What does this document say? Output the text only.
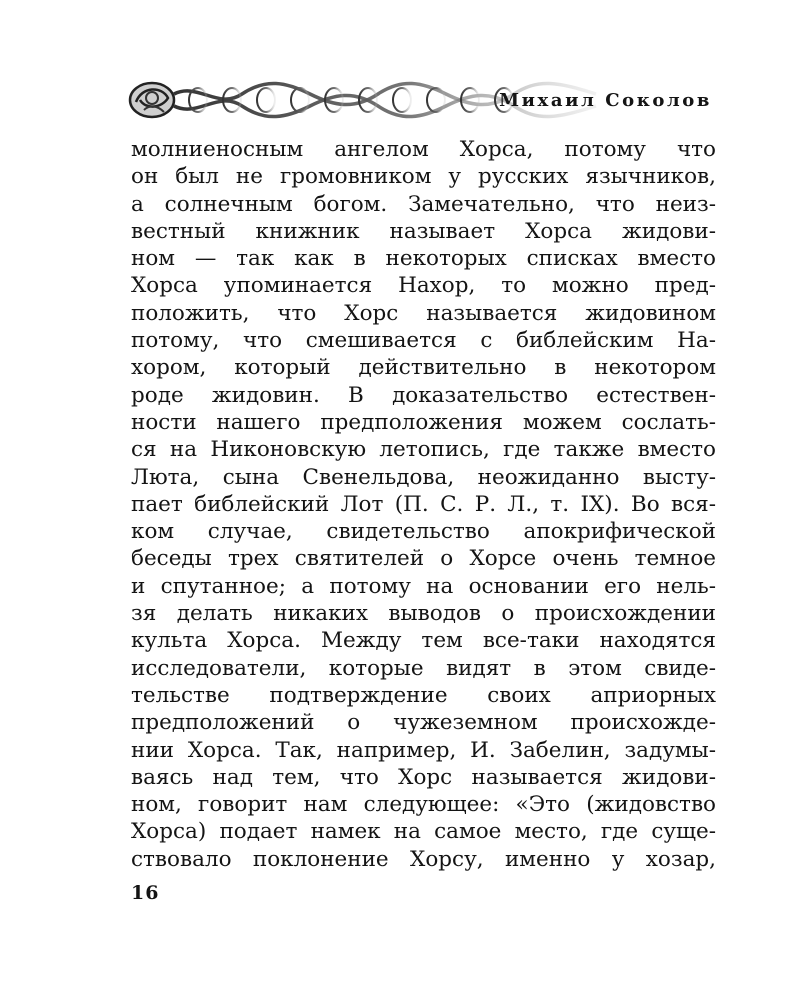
Михаил Соколов
молниеносным ангелом Хорса, потому что
он был не громовником у русских язычников,
а солнечным богом. Замечательно, что неиз-
вестный книжник называет Хорса жидови-
ном — так как в некоторых списках вместо
Хорса упоминается Нахор, то можно пред-
положить, что Хорс называется жидовином
потому, что смешивается с библейским На-
хором, который действительно в некотором
роде жидовин. В доказательство естествен-
ности нашего предположения можем сослать-
ся на Никоновскую летопись, где также вместо
Люта, сына Свенельдова, неожиданно высту-
пает библейский Лот (П. С. Р. Л., т. IX). Во вся-
ком случае, свидетельство апокрифической
беседы трех святителей о Хорсе очень темное
и спутанное; а потому на основании его нель-
зя делать никаких выводов о происхождении
культа Хорса. Между тем все-таки находятся
исследователи, которые видят в этом свиде-
тельстве подтверждение своих априорных
предположений о чужеземном происхожде-
нии Хорса. Так, например, И. Забелин, задумы-
ваясь над тем, что Хорс называется жидови-
ном, говорит нам следующее: «Это (жидовство
Хорса) подает намек на самое место, где суще-
ствовало поклонение Хорсу, именно у хозар,
16
